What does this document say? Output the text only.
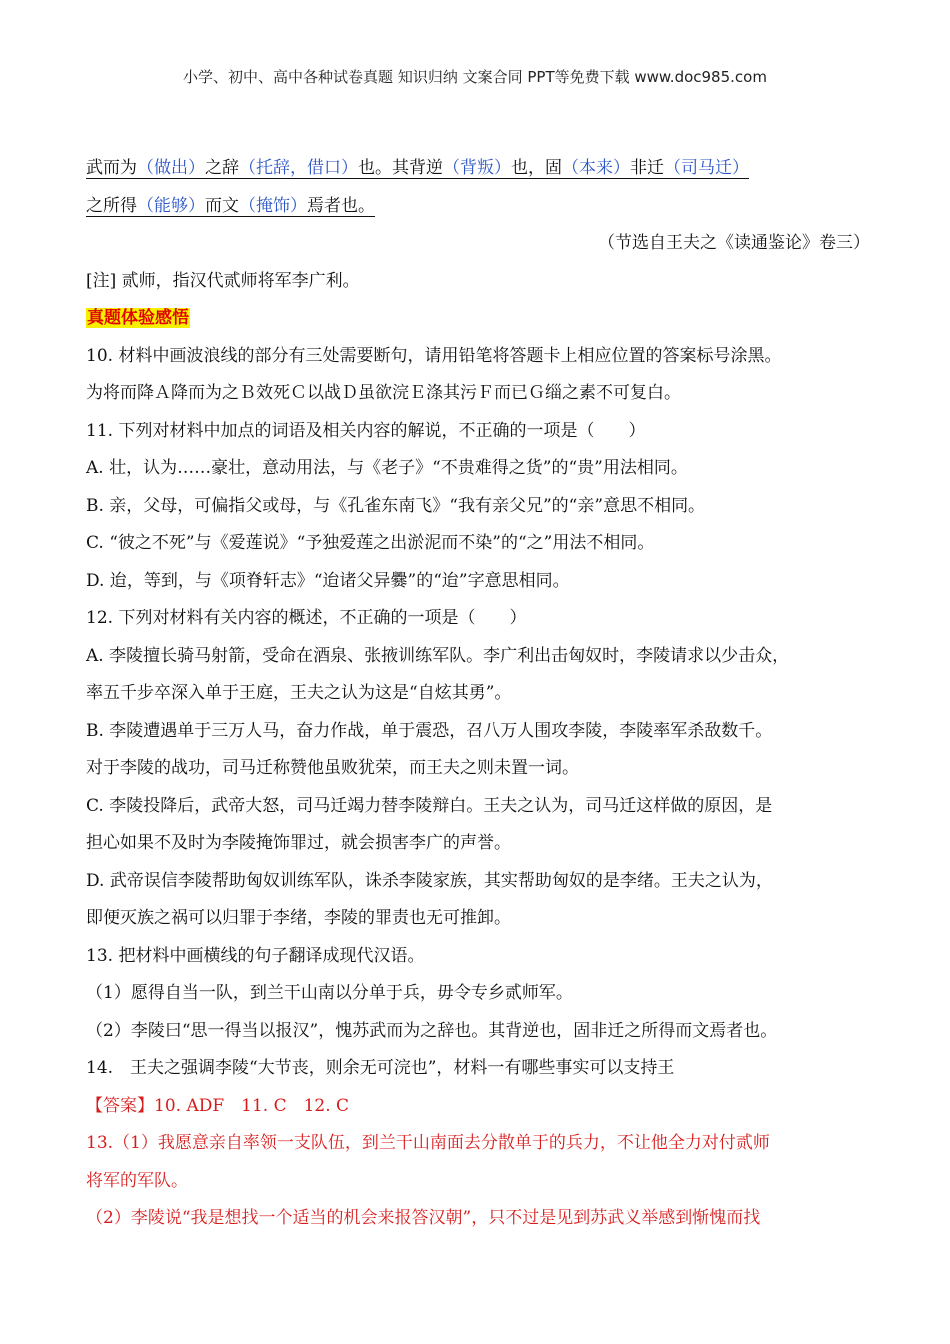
小学、初中、高中各种试卷真题 知识归纳 文案合同 PPT等免费下载 www.doc985.com
武而为（做出）之辞（托辞，借口）也。其背逆（背叛）也，固（本来）非迁（司马迁）
之所得（能够）而文（掩饰）焉者也。
（节选自王夫之《读通鉴论》卷三）
[注] 贰师，指汉代贰师将军李广利。
真题体验感悟
10. 材料中画波浪线的部分有三处需要断句，请用铅笔将答题卡上相应位置的答案标号涂黑。
为将而降Ａ降而为之Ｂ效死Ｃ以战Ｄ虽欲浣Ｅ涤其污Ｆ而已Ｇ缁之素不可复白。
11. 下列对材料中加点的词语及相关内容的解说，不正确的一项是（　　）
A. 壮，认为……豪壮，意动用法，与《老子》“不贵难得之货”的“贵”用法相同。
B. 亲，父母，可偏指父或母，与《孔雀东南飞》“我有亲父兄”的“亲”意思不相同。
C. “彼之不死”与《爱莲说》“予独爱莲之出淤泥而不染”的“之”用法不相同。
D. 迨，等到，与《项脊轩志》“迨诸父异爨”的“迨”字意思相同。
12. 下列对材料有关内容的概述，不正确的一项是（　　）
A. 李陵擅长骑马射箭，受命在酒泉、张掖训练军队。李广利出击匈奴时，李陵请求以少击众，
率五千步卒深入单于王庭，王夫之认为这是“自炫其勇”。
B. 李陵遭遇单于三万人马，奋力作战，单于震恐，召八万人围攻李陵，李陵率军杀敌数千。
对于李陵的战功，司马迁称赞他虽败犹荣，而王夫之则未置一词。
C. 李陵投降后，武帝大怒，司马迁竭力替李陵辩白。王夫之认为，司马迁这样做的原因，是
担心如果不及时为李陵掩饰罪过，就会损害李广的声誉。
D. 武帝误信李陵帮助匈奴训练军队，诛杀李陵家族，其实帮助匈奴的是李绪。王夫之认为，
即便灭族之祸可以归罪于李绪，李陵的罪责也无可推卸。
13. 把材料中画横线的句子翻译成现代汉语。
（1）愿得自当一队，到兰干山南以分单于兵，毋令专乡贰师军。
（2）李陵曰“思一得当以报汉”，愧苏武而为之辞也。其背逆也，固非迁之所得而文焉者也。
14.　王夫之强调李陵“大节丧，则余无可浣也”，材料一有哪些事实可以支持王
【答案】10. ADF　11. C　12. C
13.（1）我愿意亲自率领一支队伍，到兰干山南面去分散单于的兵力，不让他全力对付贰师
将军的军队。
（2）李陵说“我是想找一个适当的机会来报答汉朝”，只不过是见到苏武义举感到惭愧而找
